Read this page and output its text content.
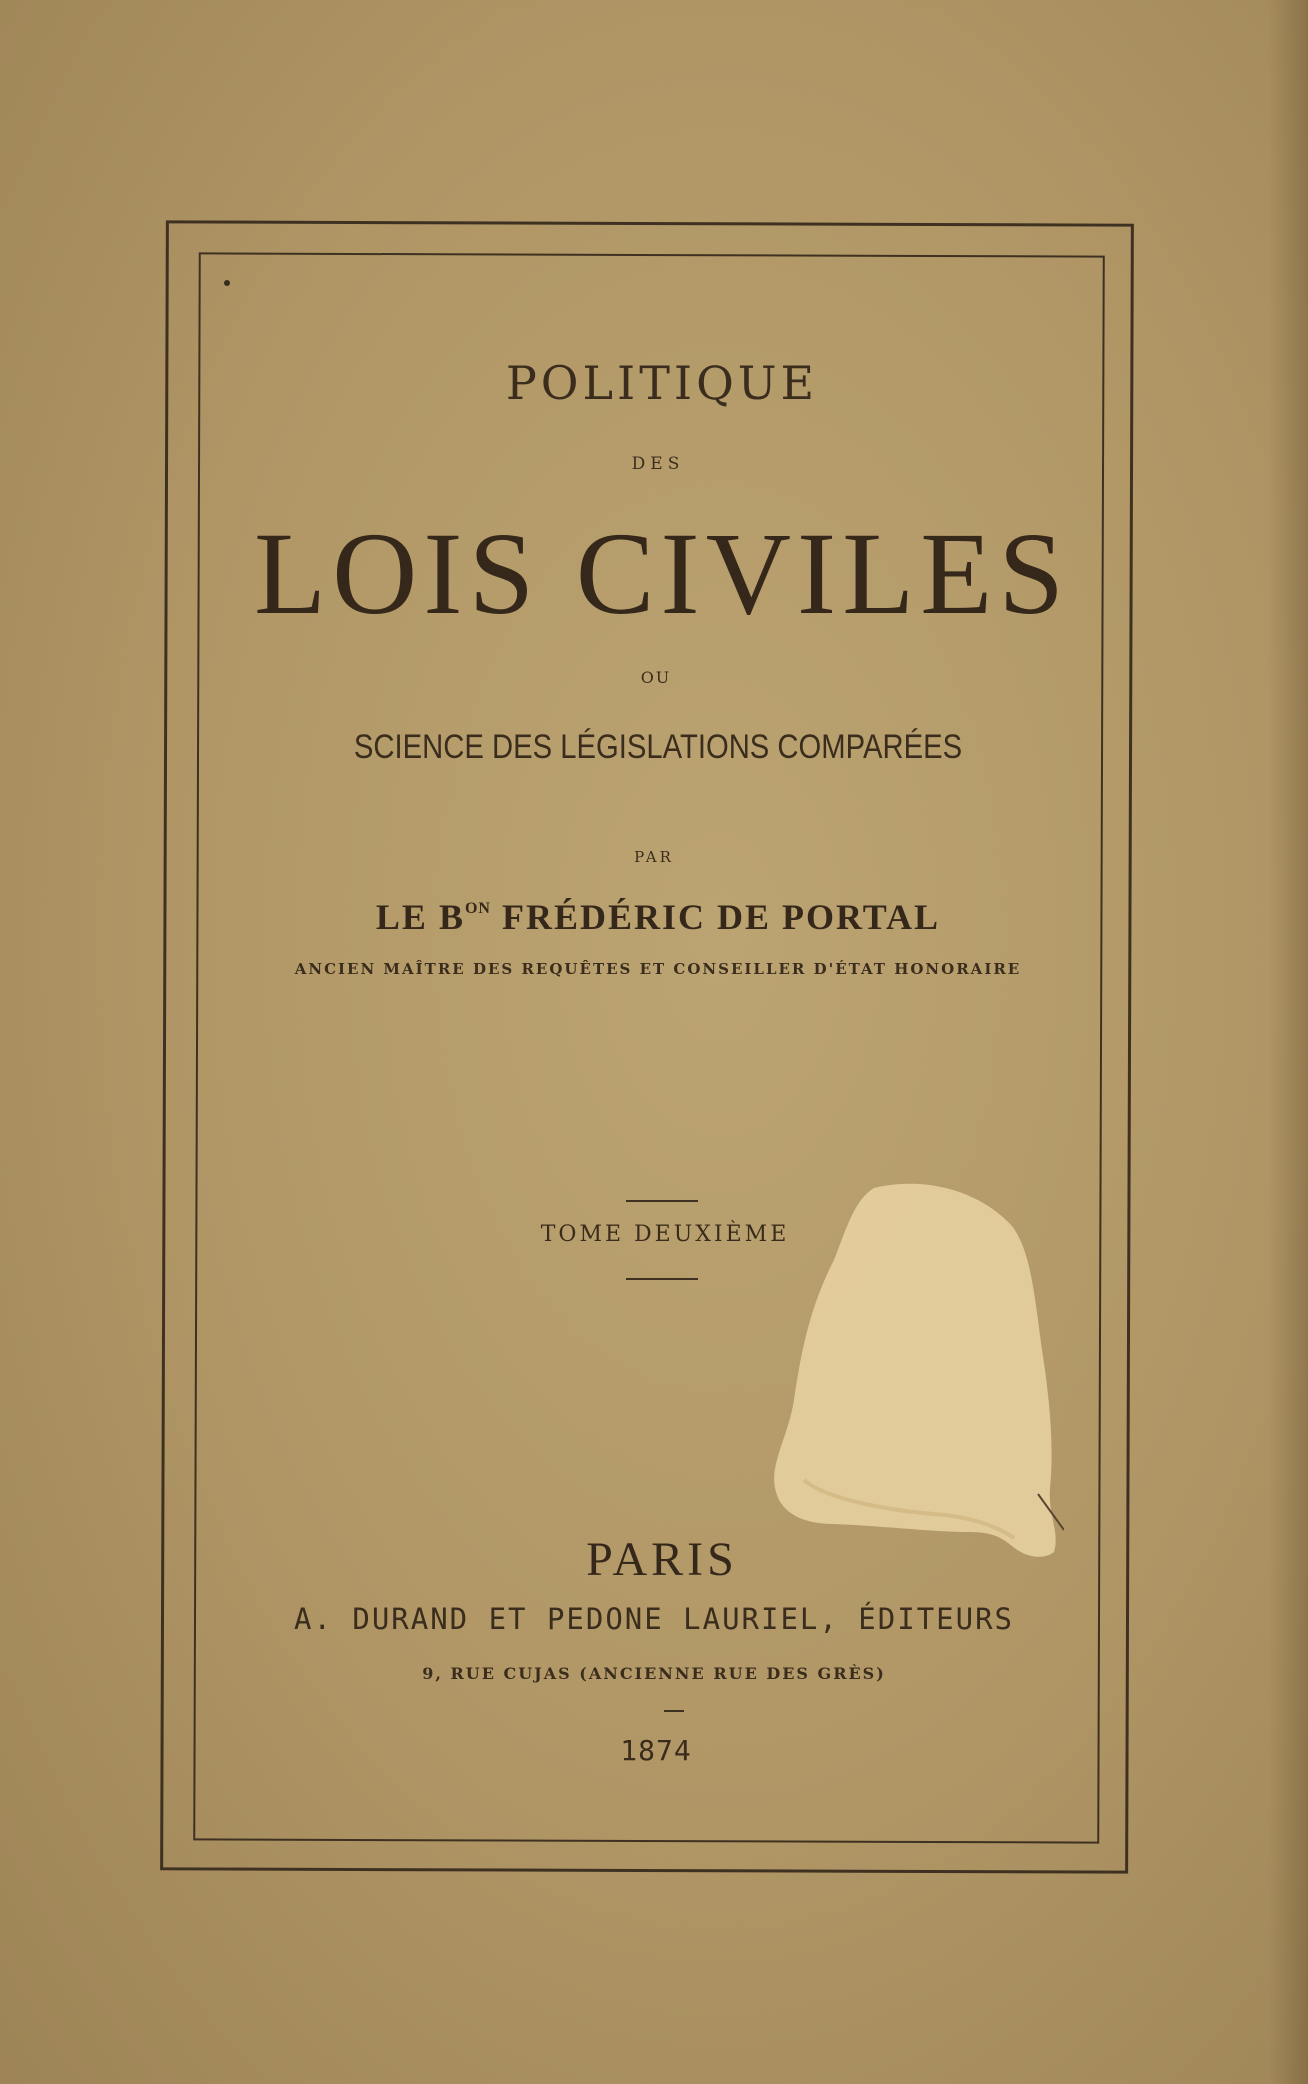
POLITIQUE
DES
LOIS CIVILES
OU
SCIENCE DES LÉGISLATIONS COMPARÉES
PAR
LE $B^{ON}$ FRÉDÉRIC DE PORTAL
ANCIEN MAÎTRE DES REQUÊTES ET CONSEILLER D'ÉTAT HONORAIRE
TOME DEUXIÈME
PARIS
A. DURAND ET PEDONE LAURIEL, ÉDITEURS
9, RUE CUJAS (ANCIENNE RUE DES GRÈS)
1874
